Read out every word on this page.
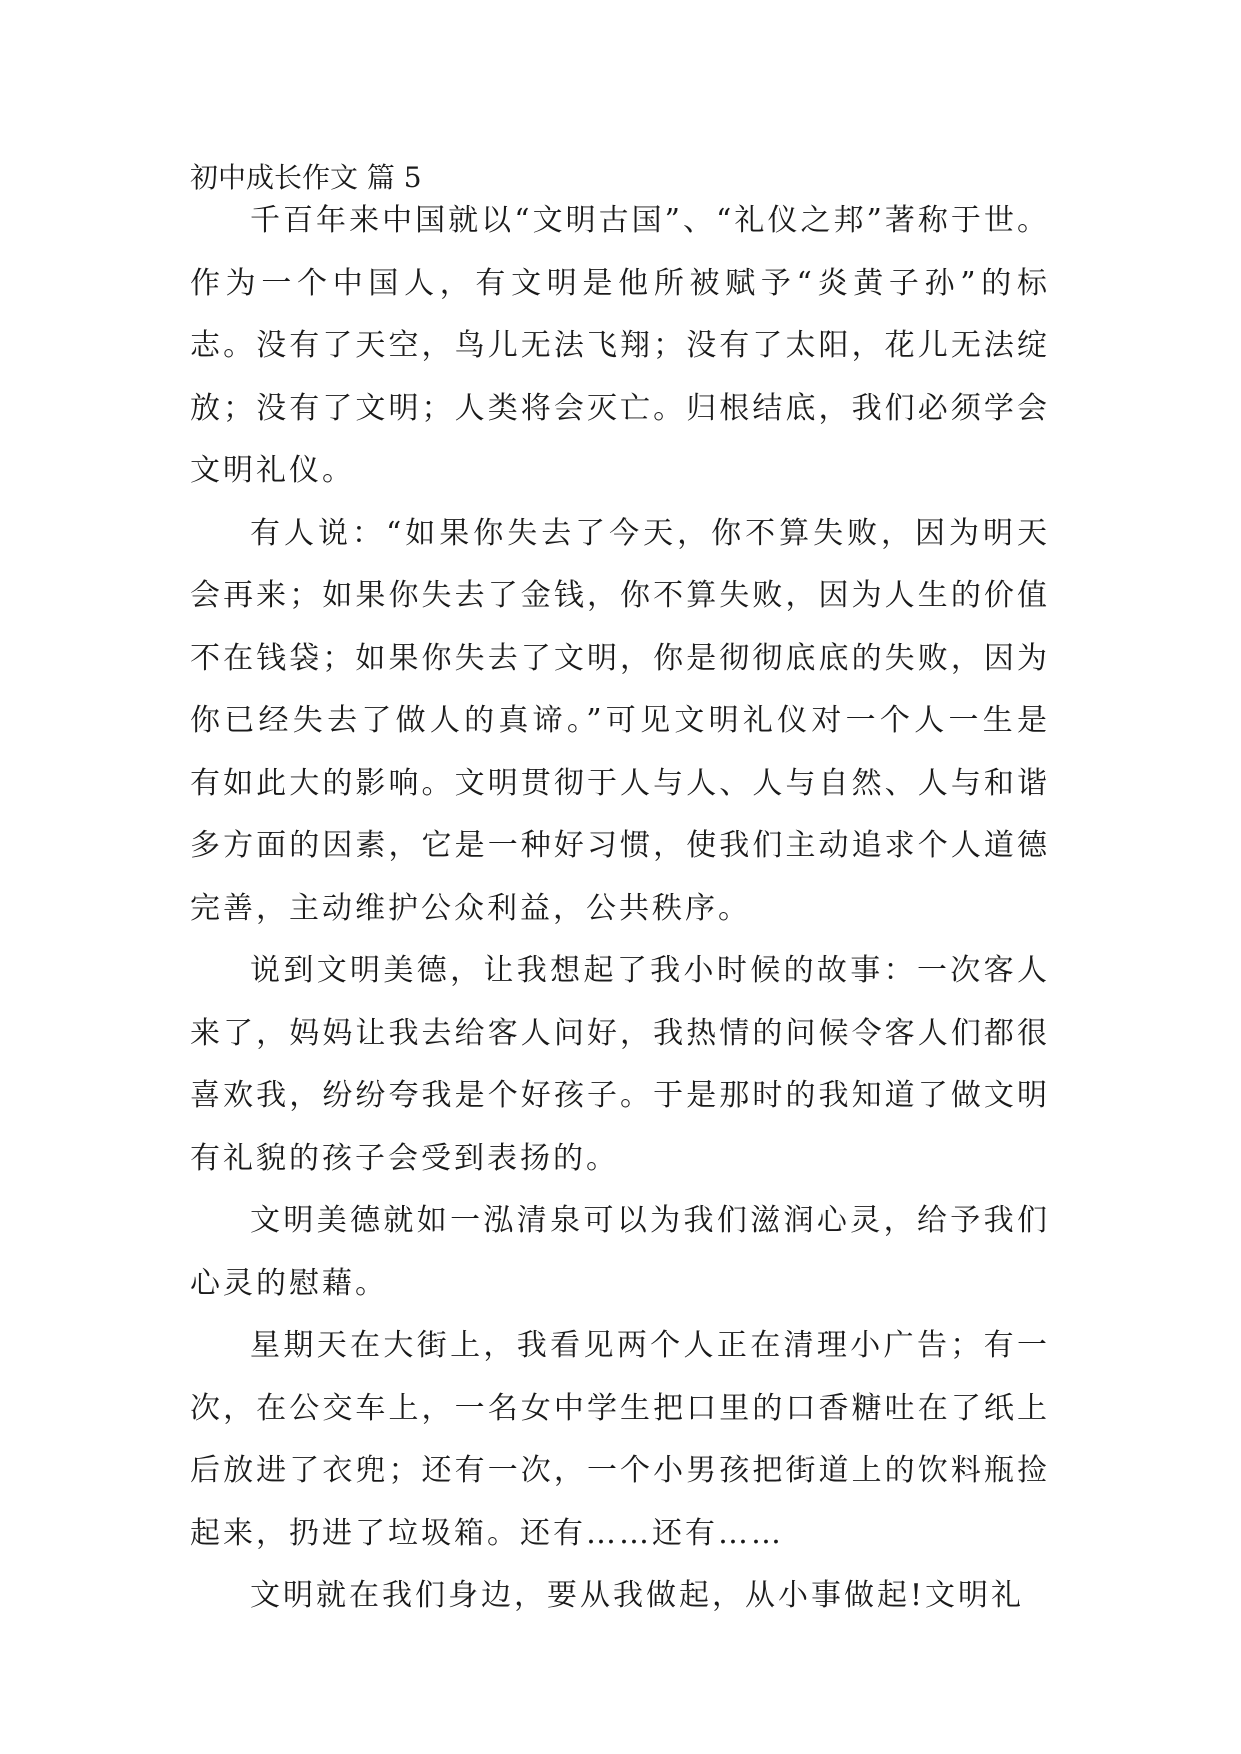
初中成长作文 篇 5

千百年来中国就以“文明古国”、“礼仪之邦”著称于世。作为一个中国人，有文明是他所被赋予“炎黄子孙”的标志。没有了天空，鸟儿无法飞翔；没有了太阳，花儿无法绽放；没有了文明；人类将会灭亡。归根结底，我们必须学会文明礼仪。

有人说：“如果你失去了今天，你不算失败，因为明天会再来；如果你失去了金钱，你不算失败，因为人生的价值不在钱袋；如果你失去了文明，你是彻彻底底的失败，因为你已经失去了做人的真谛。”可见文明礼仪对一个人一生是有如此大的影响。文明贯彻于人与人、人与自然、人与和谐多方面的因素，它是一种好习惯，使我们主动追求个人道德完善，主动维护公众利益，公共秩序。

说到文明美德，让我想起了我小时候的故事：一次客人来了，妈妈让我去给客人问好，我热情的问候令客人们都很喜欢我，纷纷夸我是个好孩子。于是那时的我知道了做文明有礼貌的孩子会受到表扬的。

文明美德就如一泓清泉可以为我们滋润心灵，给予我们心灵的慰藉。

星期天在大街上，我看见两个人正在清理小广告；有一次，在公交车上，一名女中学生把口里的口香糖吐在了纸上后放进了衣兜；还有一次，一个小男孩把街道上的饮料瓶捡起来，扔进了垃圾箱。还有……还有……

文明就在我们身边，要从我做起，从小事做起!文明礼
